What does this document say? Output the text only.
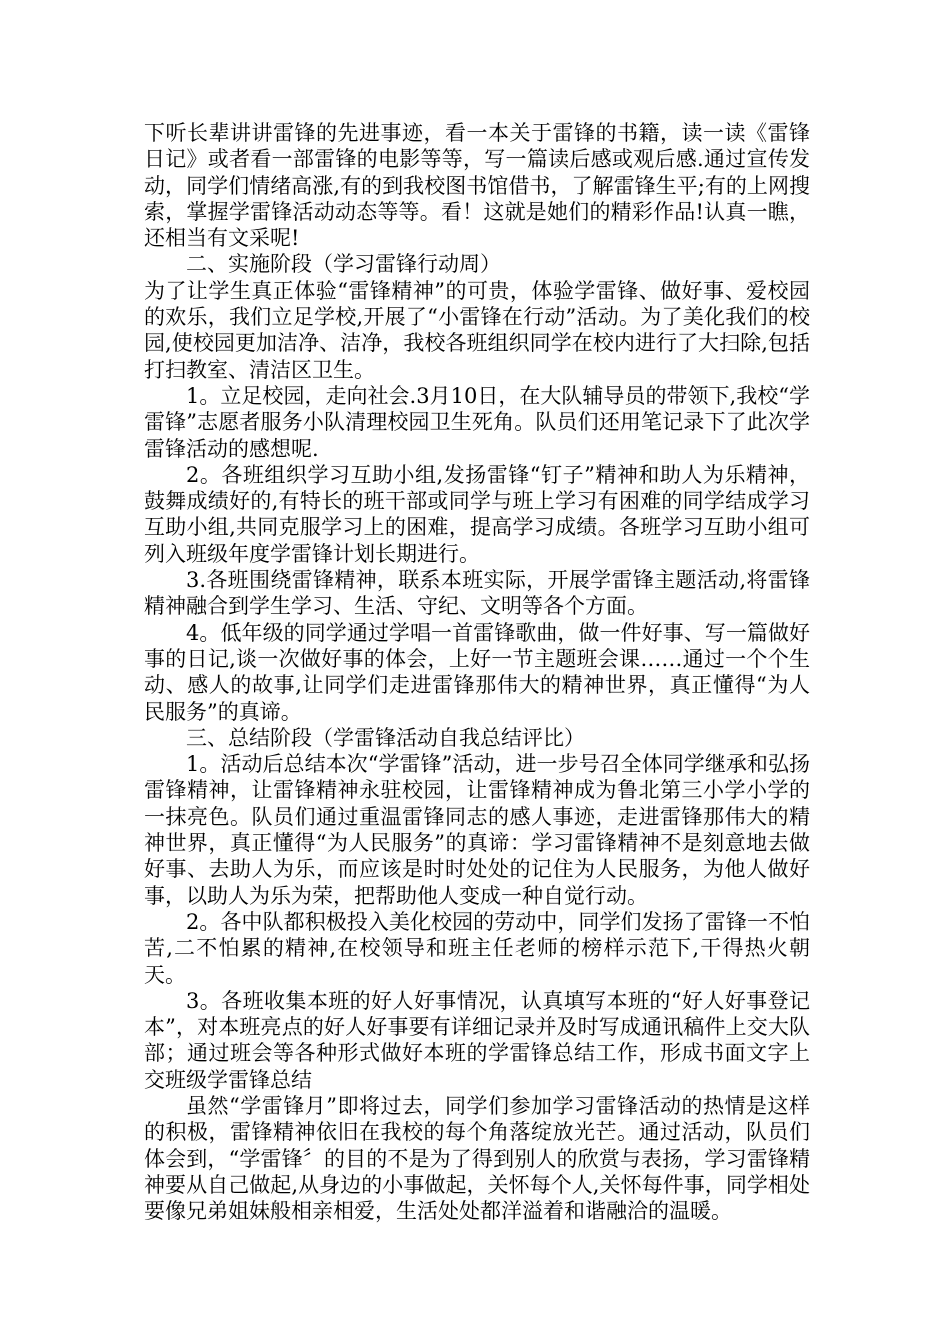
下听长辈讲讲雷锋的先进事迹，看一本关于雷锋的书籍，读一读《雷锋日记》或者看一部雷锋的电影等等，写一篇读后感或观后感.通过宣传发动，同学们情绪高涨,有的到我校图书馆借书，了解雷锋生平;有的上网搜索，掌握学雷锋活动动态等等。看！这就是她们的精彩作品!认真一瞧，还相当有文采呢!

二、实施阶段（学习雷锋行动周）

为了让学生真正体验“雷锋精神”的可贵，体验学雷锋、做好事、爱校园的欢乐，我们立足学校,开展了“小雷锋在行动”活动。为了美化我们的校园,使校园更加洁净、洁净，我校各班组织同学在校内进行了大扫除,包括打扫教室、清洁区卫生。

1。立足校园，走向社会.3月10日，在大队辅导员的带领下,我校“学雷锋”志愿者服务小队清理校园卫生死角。队员们还用笔记录下了此次学雷锋活动的感想呢.

2。各班组织学习互助小组,发扬雷锋“钉子”精神和助人为乐精神，鼓舞成绩好的,有特长的班干部或同学与班上学习有困难的同学结成学习互助小组,共同克服学习上的困难，提高学习成绩。各班学习互助小组可列入班级年度学雷锋计划长期进行。

3.各班围绕雷锋精神，联系本班实际，开展学雷锋主题活动,将雷锋精神融合到学生学习、生活、守纪、文明等各个方面。

4。低年级的同学通过学唱一首雷锋歌曲，做一件好事、写一篇做好事的日记,谈一次做好事的体会，上好一节主题班会课……通过一个个生动、感人的故事,让同学们走进雷锋那伟大的精神世界，真正懂得“为人民服务”的真谛。

三、总结阶段（学雷锋活动自我总结评比）

1。活动后总结本次“学雷锋”活动，进一步号召全体同学继承和弘扬雷锋精神，让雷锋精神永驻校园，让雷锋精神成为鲁北第三小学小学的一抹亮色。队员们通过重温雷锋同志的感人事迹，走进雷锋那伟大的精神世界，真正懂得“为人民服务”的真谛：学习雷锋精神不是刻意地去做好事、去助人为乐，而应该是时时处处的记住为人民服务，为他人做好事，以助人为乐为荣，把帮助他人变成一种自觉行动。

2。各中队都积极投入美化校园的劳动中，同学们发扬了雷锋一不怕苦,二不怕累的精神,在校领导和班主任老师的榜样示范下,干得热火朝天。

3。各班收集本班的好人好事情况，认真填写本班的“好人好事登记本”，对本班亮点的好人好事要有详细记录并及时写成通讯稿件上交大队部；通过班会等各种形式做好本班的学雷锋总结工作，形成书面文字上交班级学雷锋总结

虽然“学雷锋月”即将过去，同学们参加学习雷锋活动的热情是这样的积极，雷锋精神依旧在我校的每个角落绽放光芒。通过活动，队员们体会到，“学雷锋〞的目的不是为了得到别人的欣赏与表扬，学习雷锋精神要从自己做起,从身边的小事做起，关怀每个人,关怀每件事，同学相处要像兄弟姐妹般相亲相爱，生活处处都洋溢着和谐融洽的温暖。
